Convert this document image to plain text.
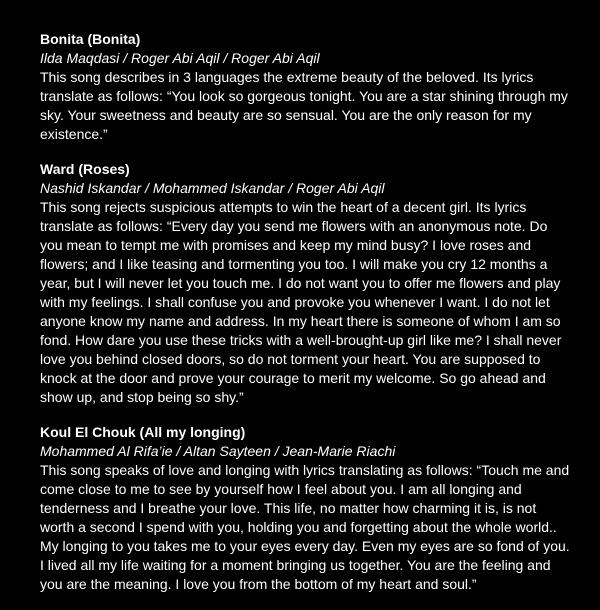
Bonita (Bonita)

Ilda Maqdasi / Roger Abi Aqil / Roger Abi Aqil

This song describes in 3 languages the extreme beauty of the beloved. Its lyrics
translate as follows: “You look so gorgeous tonight. You are a star shining through my
sky. Your sweetness and beauty are so sensual. You are the only reason for my
existence.”

Ward (Roses)

Nashid Iskandar / Mohammed Iskandar / Roger Abi Aqil

This song rejects suspicious attempts to win the heart of a decent girl. Its lyrics
translate as follows: “Every day you send me flowers with an anonymous note. Do
you mean to tempt me with promises and keep my mind busy? I love roses and
flowers; and I like teasing and tormenting you too. I will make you cry 12 months a
year, but I will never let you touch me. I do not want you to offer me flowers and play
with my feelings. I shall confuse you and provoke you whenever I want. I do not let
anyone know my name and address. In my heart there is someone of whom I am so
fond. How dare you use these tricks with a well-brought-up girl like me? I shall never
love you behind closed doors, so do not torment your heart. You are supposed to
knock at the door and prove your courage to merit my welcome. So go ahead and
show up, and stop being so shy.”

Koul El Chouk (All my longing)

Mohammed Al Rifa’ie / Altan Sayteen / Jean-Marie Riachi

This song speaks of love and longing with lyrics translating as follows: “Touch me and
come close to me to see by yourself how I feel about you. I am all longing and
tenderness and I breathe your love. This life, no matter how charming it is, is not
worth a second I spend with you, holding you and forgetting about the whole world..
My longing to you takes me to your eyes every day. Even my eyes are so fond of you.
I lived all my life waiting for a moment bringing us together. You are the feeling and
you are the meaning. I love you from the bottom of my heart and soul.”
